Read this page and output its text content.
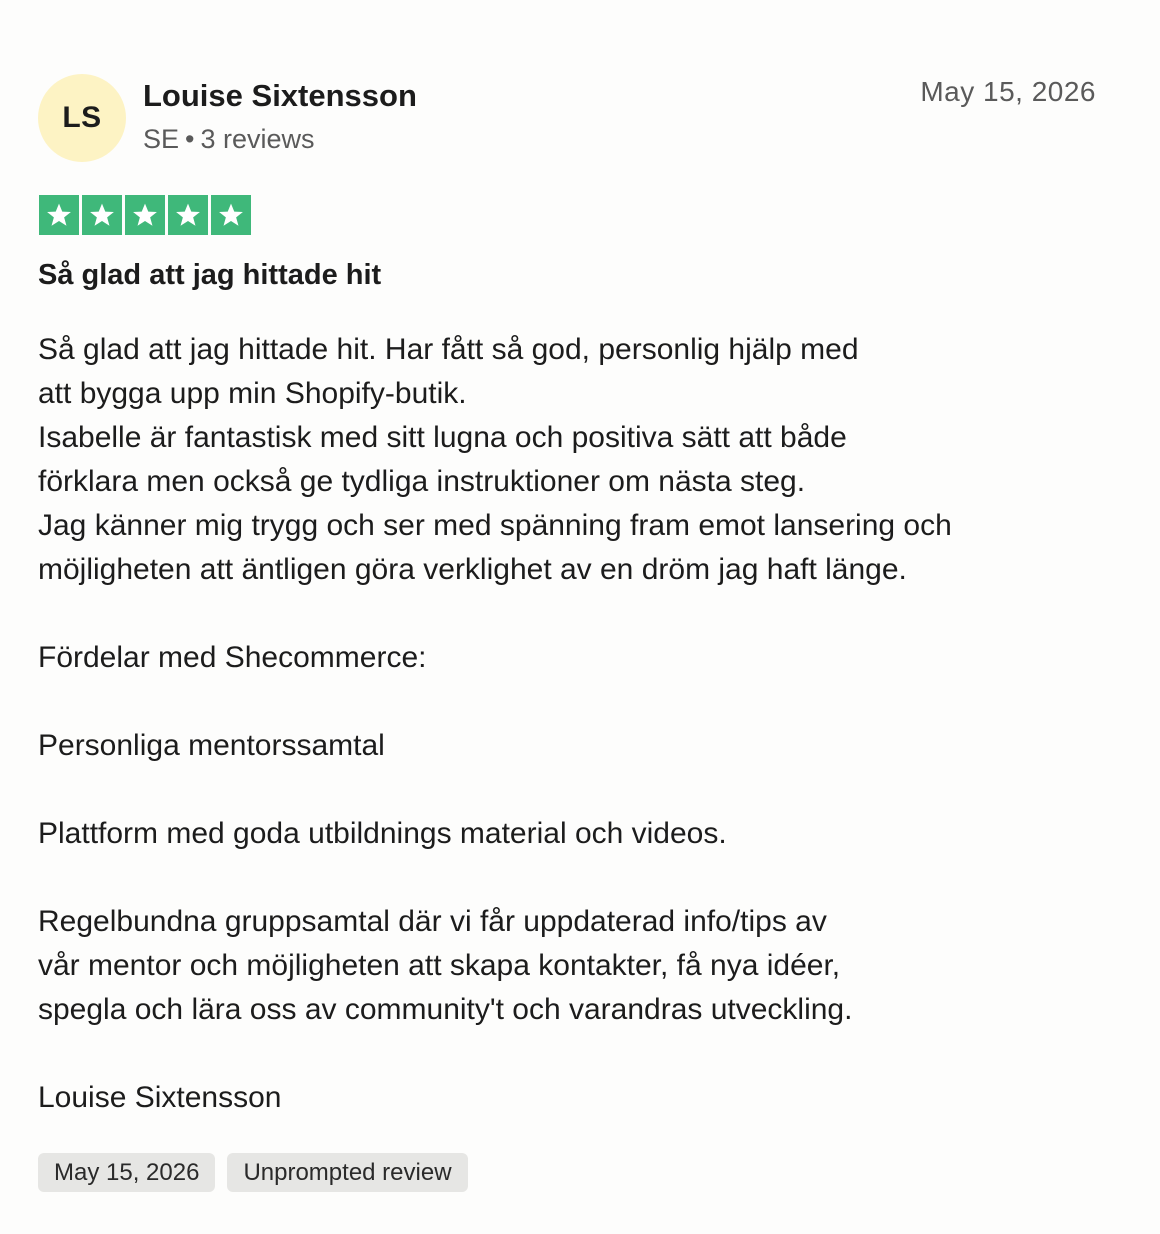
LS
Louise Sixtensson
SE • 3 reviews
May 15, 2026
Så glad att jag hittade hit

Så glad att jag hittade hit. Har fått så god, personlig hjälp med

att bygga upp min Shopify-butik.

Isabelle är fantastisk med sitt lugna och positiva sätt att både

förklara men också ge tydliga instruktioner om nästa steg.

Jag känner mig trygg och ser med spänning fram emot lansering och

möjligheten att äntligen göra verklighet av en dröm jag haft länge.

Fördelar med Shecommerce:

Personliga mentorssamtal

Plattform med goda utbildnings material och videos.

Regelbundna gruppsamtal där vi får uppdaterad info/tips av

vår mentor och möjligheten att skapa kontakter, få nya idéer,

spegla och lära oss av community't och varandras utveckling.

Louise Sixtensson

May 15, 2026	Unprompted review
